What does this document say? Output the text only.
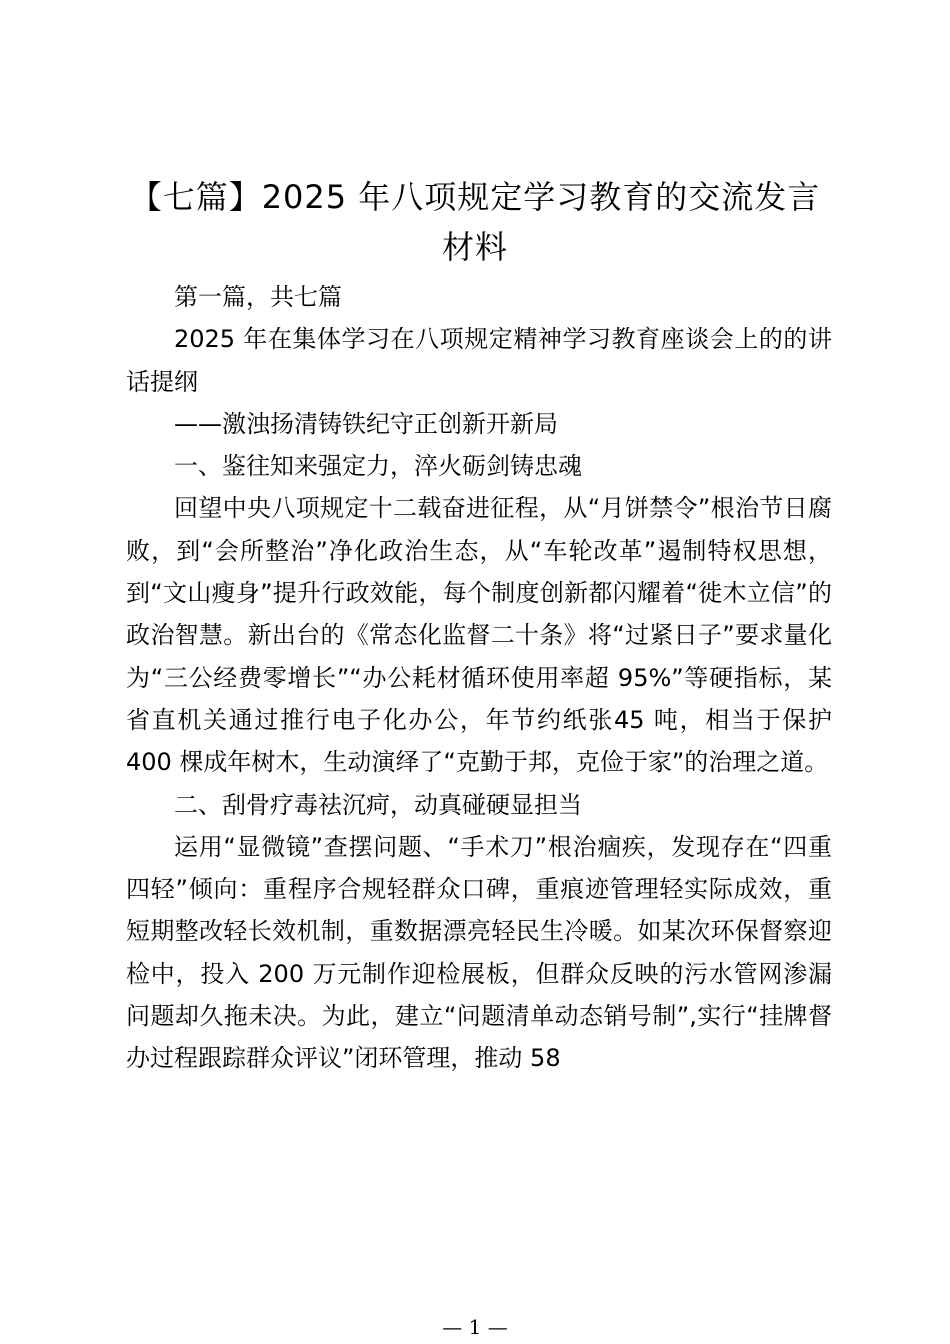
【七篇】2025 年八项规定学习教育的交流发言材料

第一篇，共七篇

2025 年在集体学习在八项规定精神学习教育座谈会上的的讲话提纲

——激浊扬清铸铁纪守正创新开新局

一、鉴往知来强定力，淬火砺剑铸忠魂

回望中央八项规定十二载奋进征程，从“月饼禁令”根治节日腐败，到“会所整治”净化政治生态，从“车轮改革”遏制特权思想，到“文山瘦身”提升行政效能，每个制度创新都闪耀着“徙木立信”的政治智慧。新出台的《常态化监督二十条》将“过紧日子”要求量化为“三公经费零增长”“办公耗材循环使用率超 95%”等硬指标，某省直机关通过推行电子化办公，年节约纸张45 吨，相当于保护 400 棵成年树木，生动演绎了“克勤于邦，克俭于家”的治理之道。

二、刮骨疗毒祛沉疴，动真碰硬显担当

运用“显微镜”查摆问题、“手术刀”根治痼疾，发现存在“四重四轻”倾向：重程序合规轻群众口碑，重痕迹管理轻实际成效，重短期整改轻长效机制，重数据漂亮轻民生冷暖。如某次环保督察迎检中，投入 200 万元制作迎检展板，但群众反映的污水管网渗漏问题却久拖未决。为此，建立“问题清单动态销号制”,实行“挂牌督办过程跟踪群众评议”闭环管理，推动 58

— 1 —
